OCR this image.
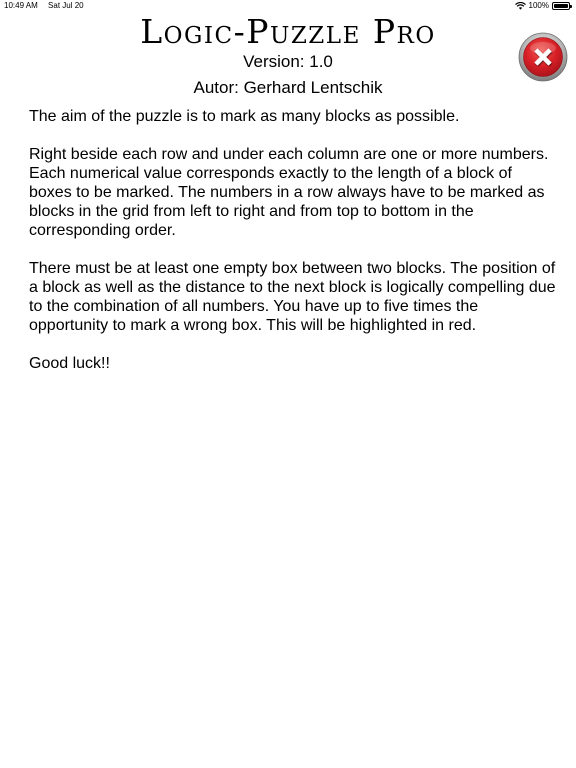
10:49 AM Sat Jul 20	100%
Logic-Puzzle Pro
Version: 1.0
Autor: Gerhard Lentschik

The aim of the puzzle is to mark as many blocks as possible.

Right beside each row and under each column are one or more numbers. Each numerical value corresponds exactly to the length of a block of boxes to be marked. The numbers in a row always have to be marked as blocks in the grid from left to right and from top to bottom in the corresponding order.

There must be at least one empty box between two blocks. The position of a block as well as the distance to the next block is logically compelling due to the combination of all numbers. You have up to five times the opportunity to mark a wrong box. This will be highlighted in red.

Good luck!!
